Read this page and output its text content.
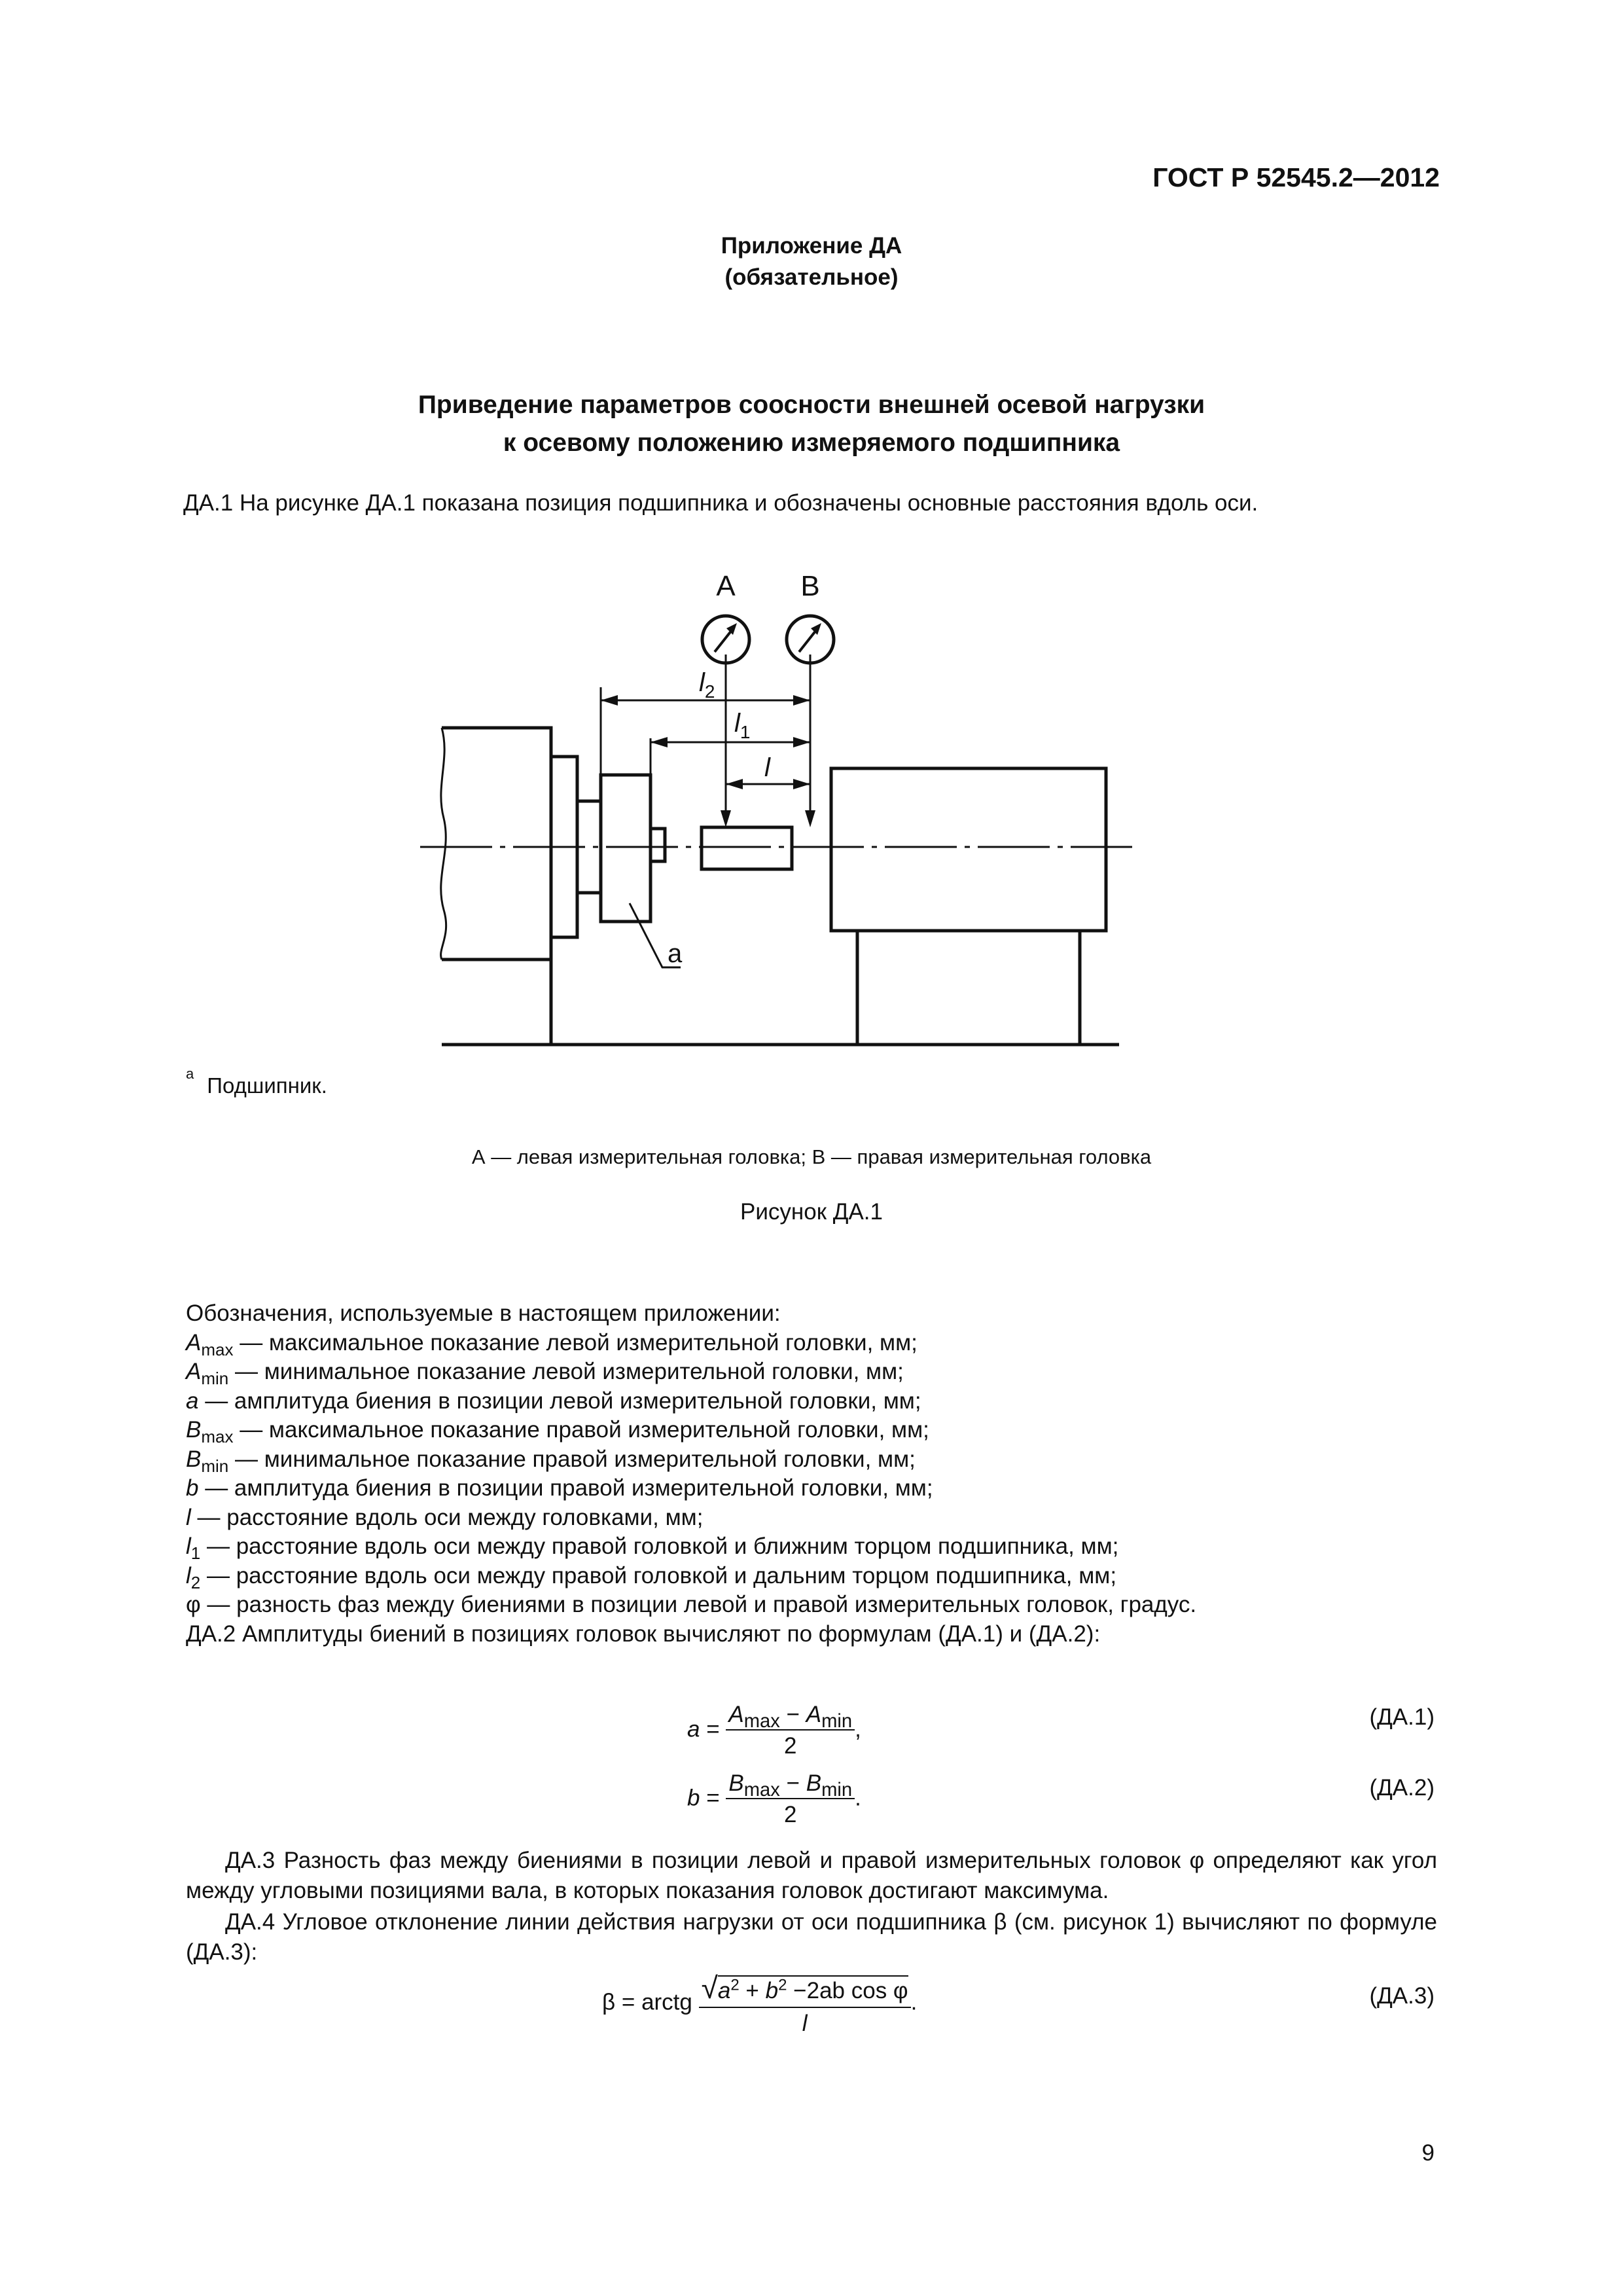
ГОСТ Р 52545.2—2012
Приложение ДА
(обязательное)
Приведение параметров соосности внешней осевой нагрузки
к осевому положению измеряемого подшипника
ДА.1 На рисунке ДА.1 показана позиция подшипника и обозначены основные расстояния вдоль оси.
A B
$l_2$
$l_1$
l
a
$^a$ Подшипник.
А — левая измерительная головка; В — правая измерительная головка
Рисунок ДА.1
Обозначения, используемые в настоящем приложении:
$A_{max}$ — максимальное показание левой измерительной головки, мм;
$A_{min}$ — минимальное показание левой измерительной головки, мм;
a — амплитуда биения в позиции левой измерительной головки, мм;
$B_{max}$ — максимальное показание правой измерительной головки, мм;
$B_{min}$ — минимальное показание правой измерительной головки, мм;
b — амплитуда биения в позиции правой измерительной головки, мм;
l — расстояние вдоль оси между головками, мм;
$l_1$ — расстояние вдоль оси между правой головкой и ближним торцом подшипника, мм;
$l_2$ — расстояние вдоль оси между правой головкой и дальним торцом подшипника, мм;
φ — разность фаз между биениями в позиции левой и правой измерительных головок, градус.
ДА.2 Амплитуды биений в позициях головок вычисляют по формулам (ДА.1) и (ДА.2):
$a = \frac{A_{max} - A_{min}}{2}$ ,	(ДА.1)
$b = \frac{B_{max} - B_{min}}{2}$ .	(ДА.2)
ДА.3 Разность фаз между биениями в позиции левой и правой измерительных головок φ определяют как угол между угловыми позициями вала, в которых показания головок достигают максимума.
ДА.4 Угловое отклонение линии действия нагрузки от оси подшипника β (см. рисунок 1) вычисляют по формуле (ДА.3):
β = arctg $\frac{√a^2 + b^2 -2ab \cos \varphi}{l}$ .	(ДА.3)
9
